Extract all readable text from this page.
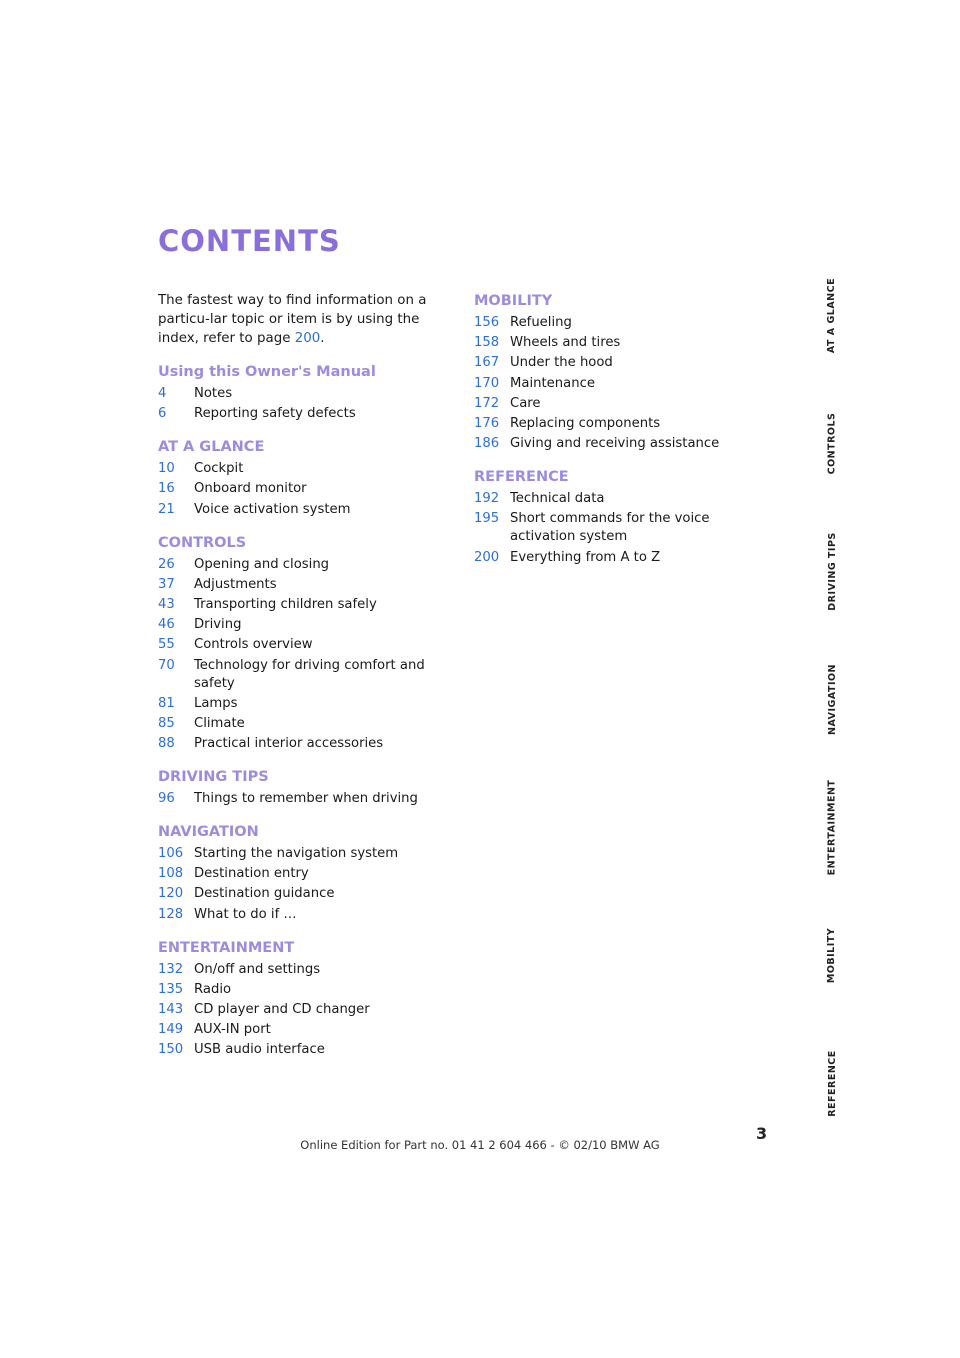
CONTENTS

The fastest way to find information on a particu-lar topic or item is by using the index, refer to page 200.

Using this Owner's Manual
4	Notes
6	Reporting safety defects
AT A GLANCE
10	Cockpit
16	Onboard monitor
21	Voice activation system
CONTROLS
26	Opening and closing
37	Adjustments
43	Transporting children safely
46	Driving
55	Controls overview
70	Technology for driving comfort and safety
81	Lamps
85	Climate
88	Practical interior accessories
DRIVING TIPS
96	Things to remember when driving
NAVIGATION
106 Starting the navigation system
108 Destination entry
120 Destination guidance
128 What to do if …
ENTERTAINMENT
132 On/off and settings
135 Radio
143 CD player and CD changer
149 AUX-IN port
150 USB audio interface
MOBILITY
156 Refueling
158 Wheels and tires
167 Under the hood
170 Maintenance
172 Care
176 Replacing components
186 Giving and receiving assistance
REFERENCE
192 Technical data
195 Short commands for the voice activation system
200 Everything from A to Z
AT A GLANCE
CONTROLS
DRIVING TIPS
NAVIGATION
ENTERTAINMENT
MOBILITY
REFERENCE
3
Online Edition for Part no. 01 41 2 604 466 - © 02/10 BMW AG
